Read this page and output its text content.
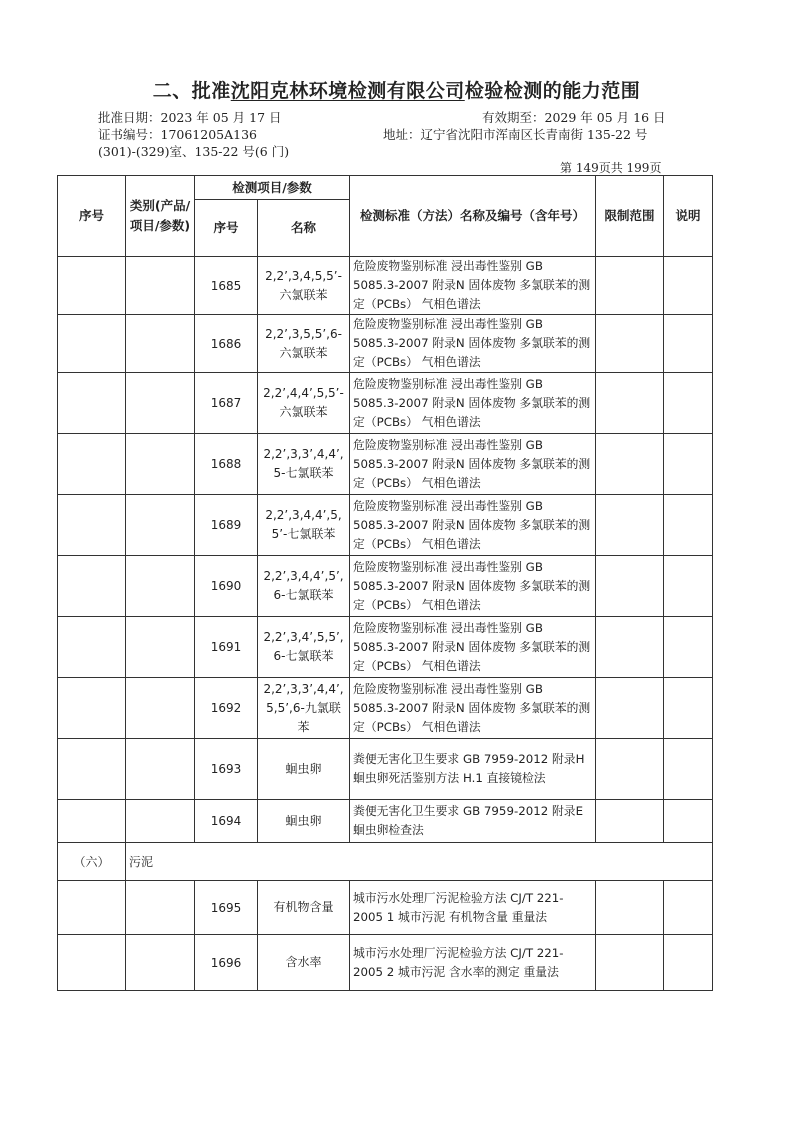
二、批准沈阳克林环境检测有限公司检验检测的能力范围
批准日期：2023 年 05 月 17 日	有效期至：2029 年 05 月 16 日
证书编号：17061205A136	地址：辽宁省沈阳市浑南区长青南街 135-22 号
(301)-(329)室、135-22 号(6 门)
第 149页共 199页
序号	类别(产品/项目/参数)	检测项目/参数		检测标准（方法）名称及编号（含年号）	限制范围	说明
		序号	名称			
		1685	2,2’,3,4,5,5’-六氯联苯	危险废物鉴别标准 浸出毒性鉴别 GB 5085.3-2007 附录N 固体废物 多氯联苯的测定（PCBs） 气相色谱法		
		1686	2,2’,3,5,5’,6-六氯联苯	危险废物鉴别标准 浸出毒性鉴别 GB 5085.3-2007 附录N 固体废物 多氯联苯的测定（PCBs） 气相色谱法		
		1687	2,2’,4,4’,5,5’-六氯联苯	危险废物鉴别标准 浸出毒性鉴别 GB 5085.3-2007 附录N 固体废物 多氯联苯的测定（PCBs） 气相色谱法		
		1688	2,2’,3,3’,4,4’,5-七氯联苯	危险废物鉴别标准 浸出毒性鉴别 GB 5085.3-2007 附录N 固体废物 多氯联苯的测定（PCBs） 气相色谱法		
		1689	2,2’,3,4,4’,5,5’-七氯联苯	危险废物鉴别标准 浸出毒性鉴别 GB 5085.3-2007 附录N 固体废物 多氯联苯的测定（PCBs） 气相色谱法		
		1690	2,2’,3,4,4’,5’,6-七氯联苯	危险废物鉴别标准 浸出毒性鉴别 GB 5085.3-2007 附录N 固体废物 多氯联苯的测定（PCBs） 气相色谱法		
		1691	2,2’,3,4’,5,5’,6-七氯联苯	危险废物鉴别标准 浸出毒性鉴别 GB 5085.3-2007 附录N 固体废物 多氯联苯的测定（PCBs） 气相色谱法		
		1692	2,2’,3,3’,4,4’,5,5’,6-九氯联苯	危险废物鉴别标准 浸出毒性鉴别 GB 5085.3-2007 附录N 固体废物 多氯联苯的测定（PCBs） 气相色谱法		
		1693	蛔虫卵	粪便无害化卫生要求 GB 7959-2012 附录H 蛔虫卵死活鉴别方法 H.1 直接镜检法		
		1694	蛔虫卵	粪便无害化卫生要求 GB 7959-2012 附录E 蛔虫卵检查法		
（六）	污泥					
		1695	有机物含量	城市污水处理厂污泥检验方法 CJ/T 221-2005 1 城市污泥 有机物含量 重量法		
		1696	含水率	城市污水处理厂污泥检验方法 CJ/T 221-2005 2 城市污泥 含水率的测定 重量法		
